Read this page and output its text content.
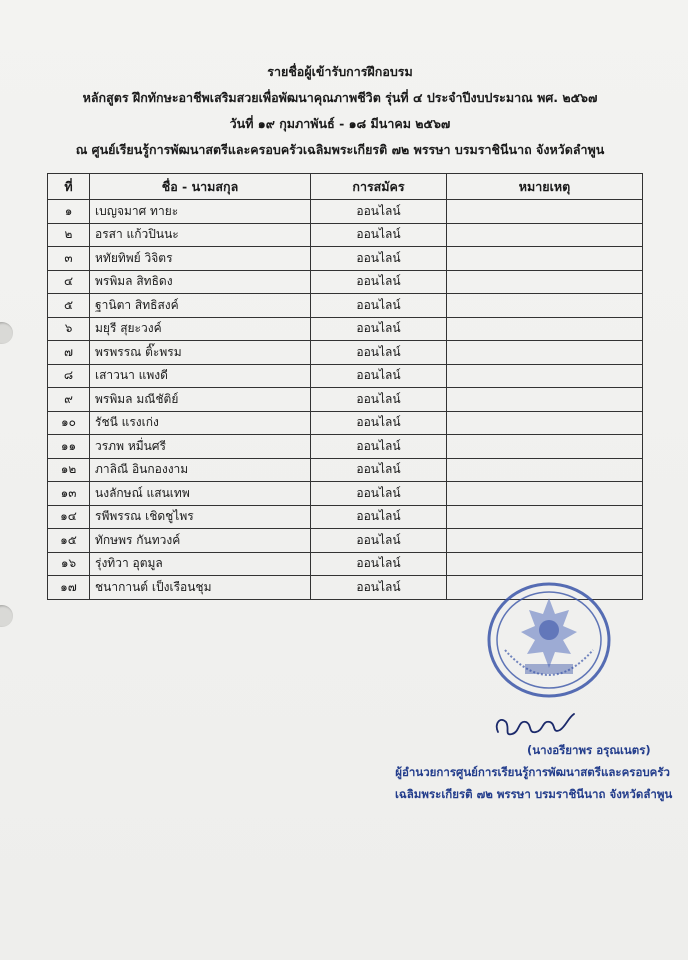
รายชื่อผู้เข้ารับการฝึกอบรม
หลักสูตร ฝึกทักษะอาชีพเสริมสวยเพื่อพัฒนาคุณภาพชีวิต รุ่นที่ ๔ ประจำปีงบประมาณ พศ. ๒๕๖๗
วันที่ ๑๙ กุมภาพันธ์ - ๑๘ มีนาคม ๒๕๖๗
ณ ศูนย์เรียนรู้การพัฒนาสตรีและครอบครัวเฉลิมพระเกียรติ ๗๒ พรรษา บรมราชินีนาถ จังหวัดลำพูน
ที่	ชื่อ - นามสกุล	การสมัคร	หมายเหตุ
๑	เบญจมาศ ทายะ	ออนไลน์	
๒	อรสา แก้วปินนะ	ออนไลน์	
๓	หทัยทิพย์ วิจิตร	ออนไลน์	
๔	พรพิมล สิทธิดง	ออนไลน์	
๕	ฐานิตา สิทธิสงค์	ออนไลน์	
๖	มยุรี สุยะวงค์	ออนไลน์	
๗	พรพรรณ ติ๊ะพรม	ออนไลน์	
๘	เสาวนา แพงดี	ออนไลน์	
๙	พรพิมล มณีชัติย์	ออนไลน์	
๑๐	รัชนี แรงเก่ง	ออนไลน์	
๑๑	วรภพ หมื่นศรี	ออนไลน์	
๑๒	ภาลิณี อินกองงาม	ออนไลน์	
๑๓	นงลักษณ์ แสนเทพ	ออนไลน์	
๑๔	รพีพรรณ เชิดชูไพร	ออนไลน์	
๑๕	ทักษพร กันทวงค์	ออนไลน์	
๑๖	รุ่งทิวา อุตมูล	ออนไลน์	
๑๗	ชนากานต์ เป็งเรือนชุม	ออนไลน์	
(นางอรียาพร อรุณเนตร)
ผู้อำนวยการศูนย์การเรียนรู้การพัฒนาสตรีและครอบครัว
เฉลิมพระเกียรติ ๗๒ พรรษา บรมราชินีนาถ จังหวัดลำพูน
